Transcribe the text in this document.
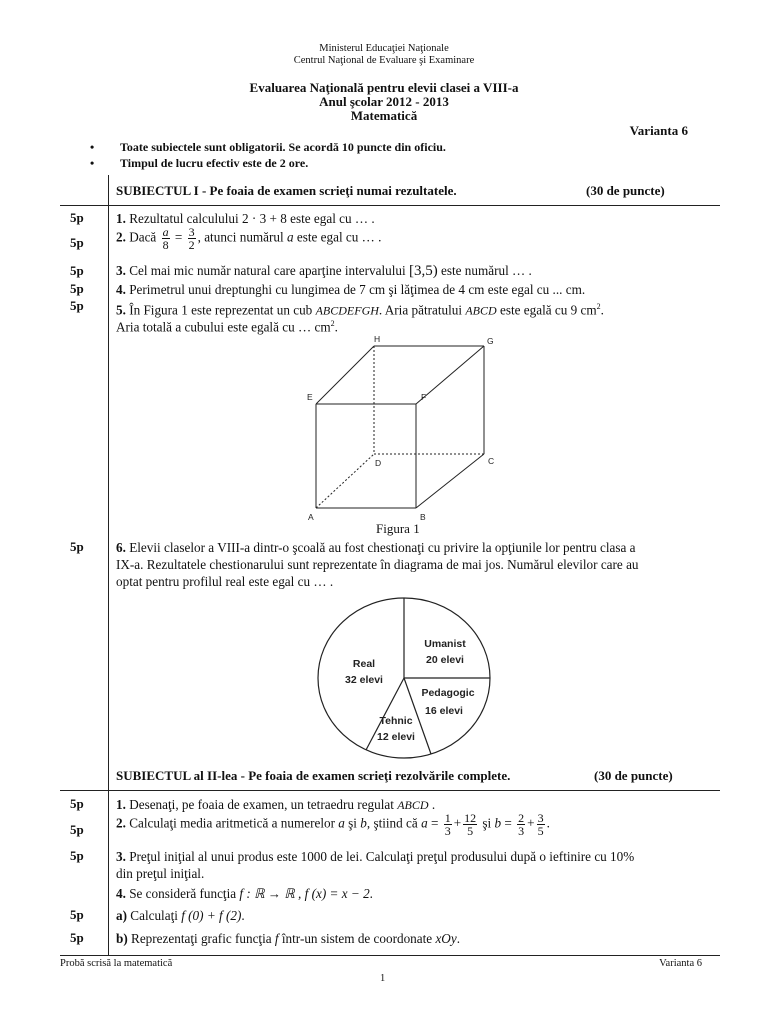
Ministerul Educaţiei Naţionale
Centrul Naţional de Evaluare şi Examinare
Evaluarea Naţională pentru elevii clasei a VIII-a
Anul şcolar 2012 - 2013
Matematică
Varianta 6
• Toate subiectele sunt obligatorii. Se acordă 10 puncte din oficiu.
• Timpul de lucru efectiv este de 2 ore.
SUBIECTUL I - Pe foaia de examen scrieţi numai rezultatele.	(30 de puncte)
5p 1. Rezultatul calculului 2 · 3 + 8 este egal cu … .
5p 2. Dacă $\frac{a}{8} = \frac{3}{2}$ , atunci numărul a este egal cu … .
5p 3. Cel mai mic număr natural care aparţine intervalului [3,5) este numărul … .
5p 4. Perimetrul unui dreptunghi cu lungimea de 7 cm şi lăţimea de 4 cm este egal cu ... cm.
5p 5. În Figura 1 este reprezentat un cub ABCDEFGH. Aria pătratului ABCD este egală cu 9 $cm^2$.
Aria totală a cubului este egală cu … $cm^2$.
H	G
E	F
D	C
A	B
Figura 1
5p 6. Elevii claselor a VIII-a dintr-o şcoală au fost chestionaţi cu privire la opţiunile lor pentru clasa a
IX-a. Rezultatele chestionarului sunt reprezentate în diagrama de mai jos. Numărul elevilor care au
optat pentru profilul real este egal cu … .
Umanist
20 elevi
Real
32 elevi
Pedagogic
16 elevi
Tehnic
12 elevi
SUBIECTUL al II-lea - Pe foaia de examen scrieţi rezolvările complete.	(30 de puncte)
5p 1. Desenaţi, pe foaia de examen, un tetraedru regulat ABCD .
5p 2. Calculaţi media aritmetică a numerelor a şi b, ştiind că $a = \frac{1}{3} + \frac{12}{5}$ şi $b = \frac{2}{3} + \frac{3}{5}$ .
5p 3. Preţul iniţial al unui produs este 1000 de lei. Calculaţi preţul produsului după o ieftinire cu 10%
din preţul iniţial.
4. Se consideră funcţia f : ℝ → ℝ , f (x) = x − 2.
5p a) Calculaţi f (0) + f (2).
5p b) Reprezentaţi grafic funcţia f într-un sistem de coordonate xOy.
Probă scrisă la matematică	Varianta 6
1
